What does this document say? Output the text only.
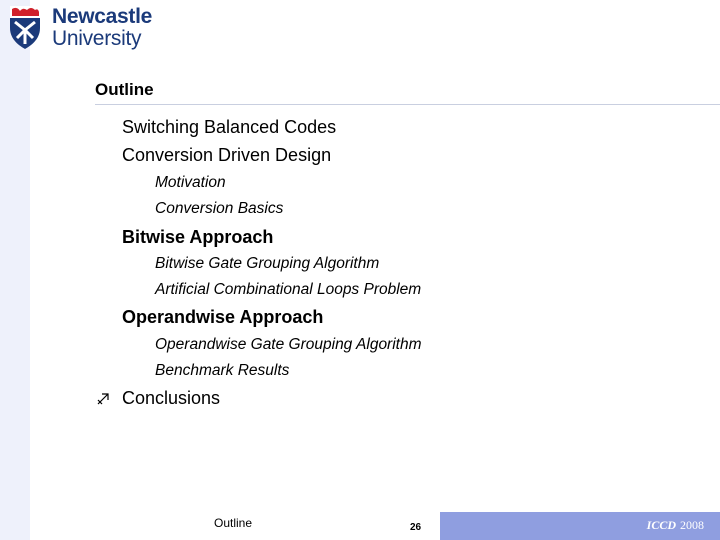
Newcastle
University
Outline
Switching Balanced Codes
Conversion Driven Design
Motivation
Conversion Basics
Bitwise Approach
Bitwise Gate Grouping Algorithm
Artificial Combinational Loops Problem
Operandwise Approach
Operandwise Gate Grouping Algorithm
Benchmark Results
Conclusions
Outline	26	ICCD 2008
